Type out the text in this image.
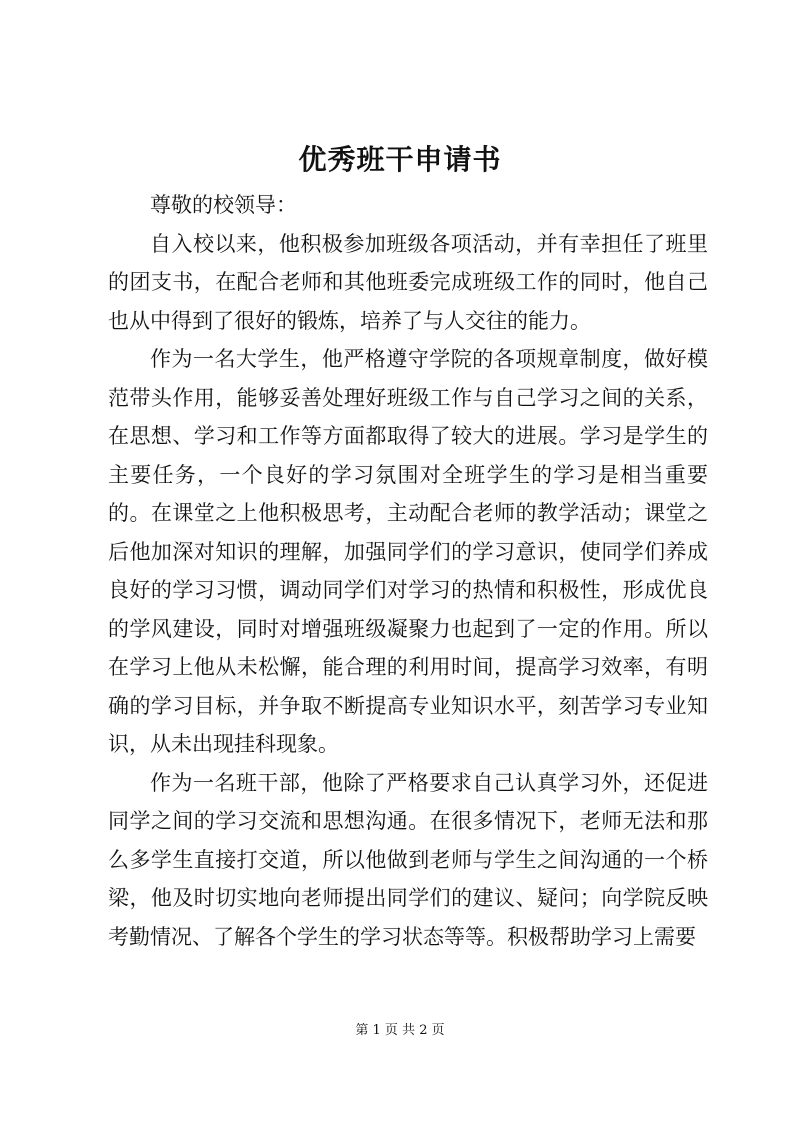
优秀班干申请书

尊敬的校领导：

自入校以来，他积极参加班级各项活动，并有幸担任了班里的团支书，在配合老师和其他班委完成班级工作的同时，他自己也从中得到了很好的锻炼，培养了与人交往的能力。

作为一名大学生，他严格遵守学院的各项规章制度，做好模范带头作用，能够妥善处理好班级工作与自己学习之间的关系，在思想、学习和工作等方面都取得了较大的进展。学习是学生的主要任务，一个良好的学习氛围对全班学生的学习是相当重要的。在课堂之上他积极思考，主动配合老师的教学活动；课堂之后他加深对知识的理解，加强同学们的学习意识，使同学们养成良好的学习习惯，调动同学们对学习的热情和积极性，形成优良的学风建设，同时对增强班级凝聚力也起到了一定的作用。所以在学习上他从未松懈，能合理的利用时间，提高学习效率，有明确的学习目标，并争取不断提高专业知识水平，刻苦学习专业知识，从未出现挂科现象。

作为一名班干部，他除了严格要求自己认真学习外，还促进同学之间的学习交流和思想沟通。在很多情况下，老师无法和那么多学生直接打交道，所以他做到老师与学生之间沟通的一个桥梁，他及时切实地向老师提出同学们的建议、疑问；向学院反映考勤情况、了解各个学生的学习状态等等。积极帮助学习上需要

第 1 页 共 2 页
